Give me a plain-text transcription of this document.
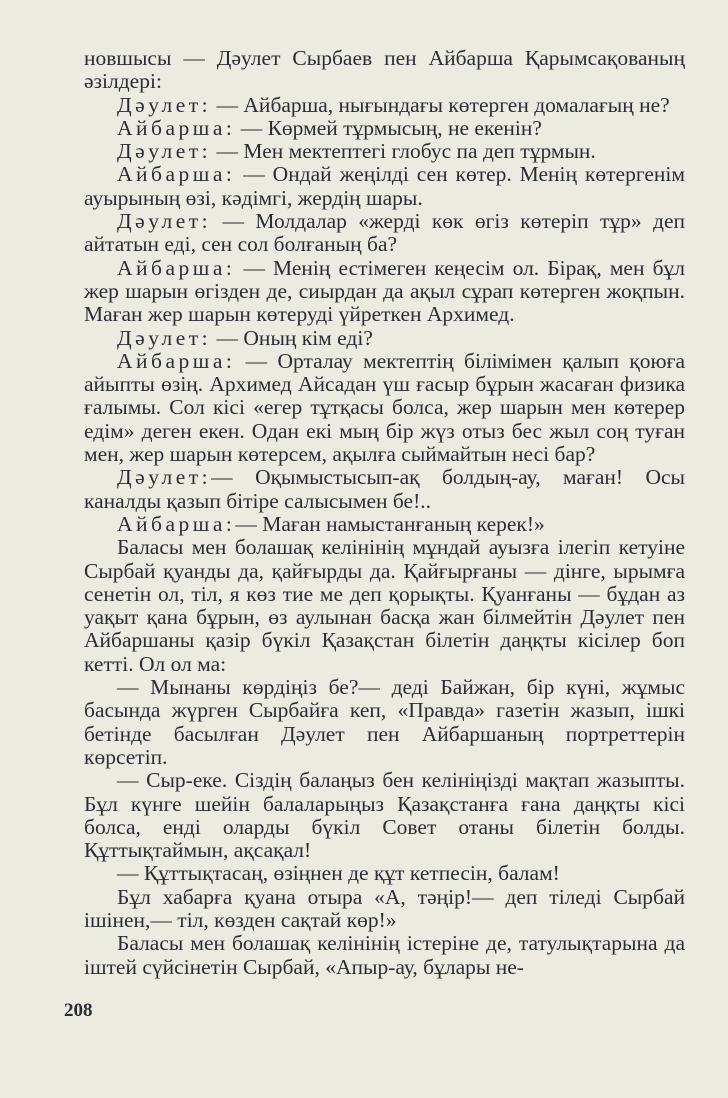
новшысы — Дәулет Сырбаев пен Айбарша Қарымсақованың әзілдері:

Дәулет: — Айбарша, нығындағы көтерген домалағың не?

Айбарша: — Көрмей тұрмысың, не екенін?

Дәулет: — Мен мектептегі глобус па деп тұрмын.

Айбарша: — Ондай жеңілді сен көтер. Менің көтергенім ауырының өзі, кәдімгі, жердің шары.

Дәулет: — Молдалар «жерді көк өгіз көтеріп тұр» деп айтатын еді, сен сол болғаның ба?

Айбарша: — Менің естімеген кеңесім ол. Бірақ, мен бұл жер шарын өгізден де, сиырдан да ақыл сұрап көтерген жоқпын. Маған жер шарын көтеруді үйреткен Архимед.

Дәулет: — Оның кім еді?

Айбарша: — Орталау мектептің білімімен қалып қоюға айыпты өзің. Архимед Айсадан үш ғасыр бұрын жасаған физика ғалымы. Сол кісі «егер тұтқасы болса, жер шарын мен көтерер едім» деген екен. Одан екі мың бір жүз отыз бес жыл соң туған мен, жер шарын көтерсем, ақылға сыймайтын несі бар?

Дәулет:— Оқымыстысып-ақ болдың-ау, маған! Осы каналды қазып бітіре салысымен бе!..

Айбарша:— Маған намыстанғаның керек!»

Баласы мен болашақ келінінің мұндай ауызға ілегіп кетуіне Сырбай қуанды да, қайғырды да. Қайғырғаны — дінге, ырымға сенетін ол, тіл, я көз тие ме деп қорықты. Қуанғаны — бұдан аз уақыт қана бұрын, өз аулынан басқа жан білмейтін Дәулет пен Айбаршаны қазір бүкіл Қазақстан білетін даңқты кісілер боп кетті. Ол ол ма:

— Мынаны көрдіңіз бе?— деді Байжан, бір күні, жұмыс басында жүрген Сырбайға кеп, «Правда» газетін жазып, ішкі бетінде басылған Дәулет пен Айбаршаның портреттерін көрсетіп.

— Сыр-еке. Сіздің балаңыз бен келініңізді мақтап жазыпты. Бұл күнге шейін балаларыңыз Қазақстанға ғана даңқты кісі болса, енді оларды бүкіл Совет отаны білетін болды. Құттықтаймын, ақсақал!

— Құттықтасаң, өзіңнен де құт кетпесін, балам!

Бұл хабарға қуана отыра «А, тәңір!— деп тіледі Сырбай ішінен,— тіл, көзден сақтай көр!»

Баласы мен болашақ келінінің істеріне де, татулықтарына да іштей сүйсінетін Сырбай, «Апыр-ау, бұлары не-

208
